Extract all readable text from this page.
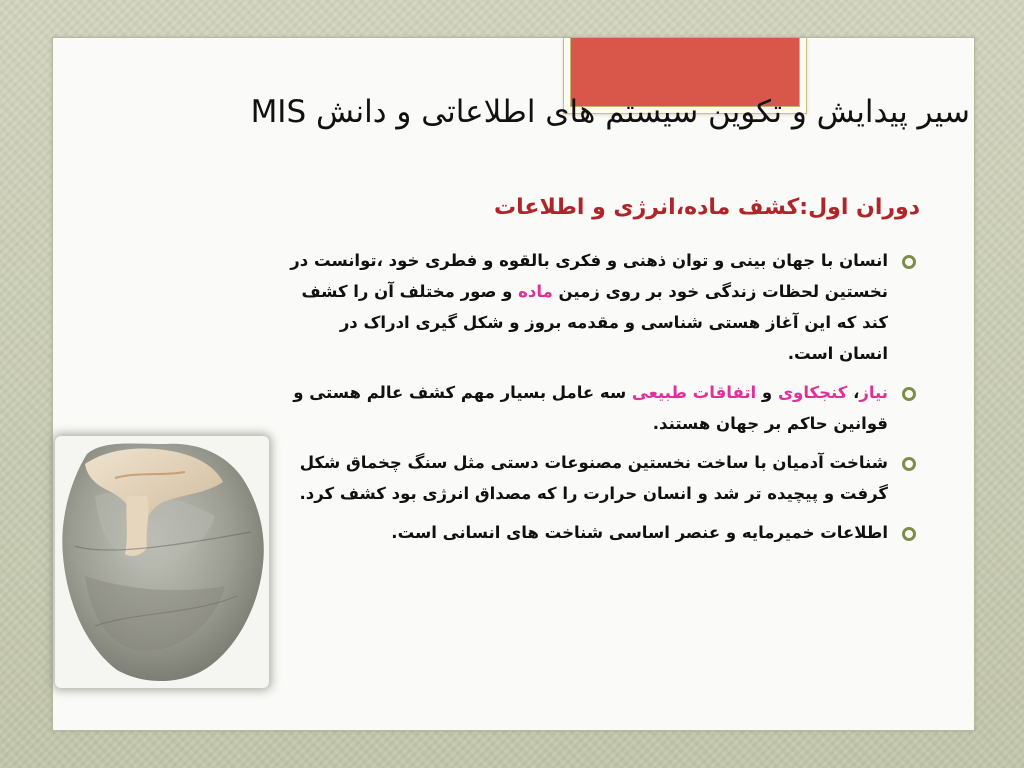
سیر پیدایش و تکوین سیستم های اطلاعاتی و دانش MIS
دوران اول:کشف ماده،انرژی و اطلاعات
انسان با جهان بینی و توان ذهنی و فکری بالقوه و فطری خود ،توانست در نخستین لحظات زندگی خود بر روی زمین ماده و صور مختلف آن را کشف کند که این آغاز هستی شناسی و مقدمه بروز و شکل گیری ادراک در انسان است.
نیاز، کنجکاوی و اتفاقات طبیعی سه عامل بسیار مهم کشف عالم هستی و قوانین حاکم بر جهان هستند.
شناخت آدمیان با ساخت نخستین مصنوعات دستی مثل سنگ چخماق شکل گرفت و پیچیده تر شد و انسان حرارت را که مصداق انرژی بود کشف کرد.
اطلاعات خمیرمایه و عنصر اساسی شناخت های انسانی است.
